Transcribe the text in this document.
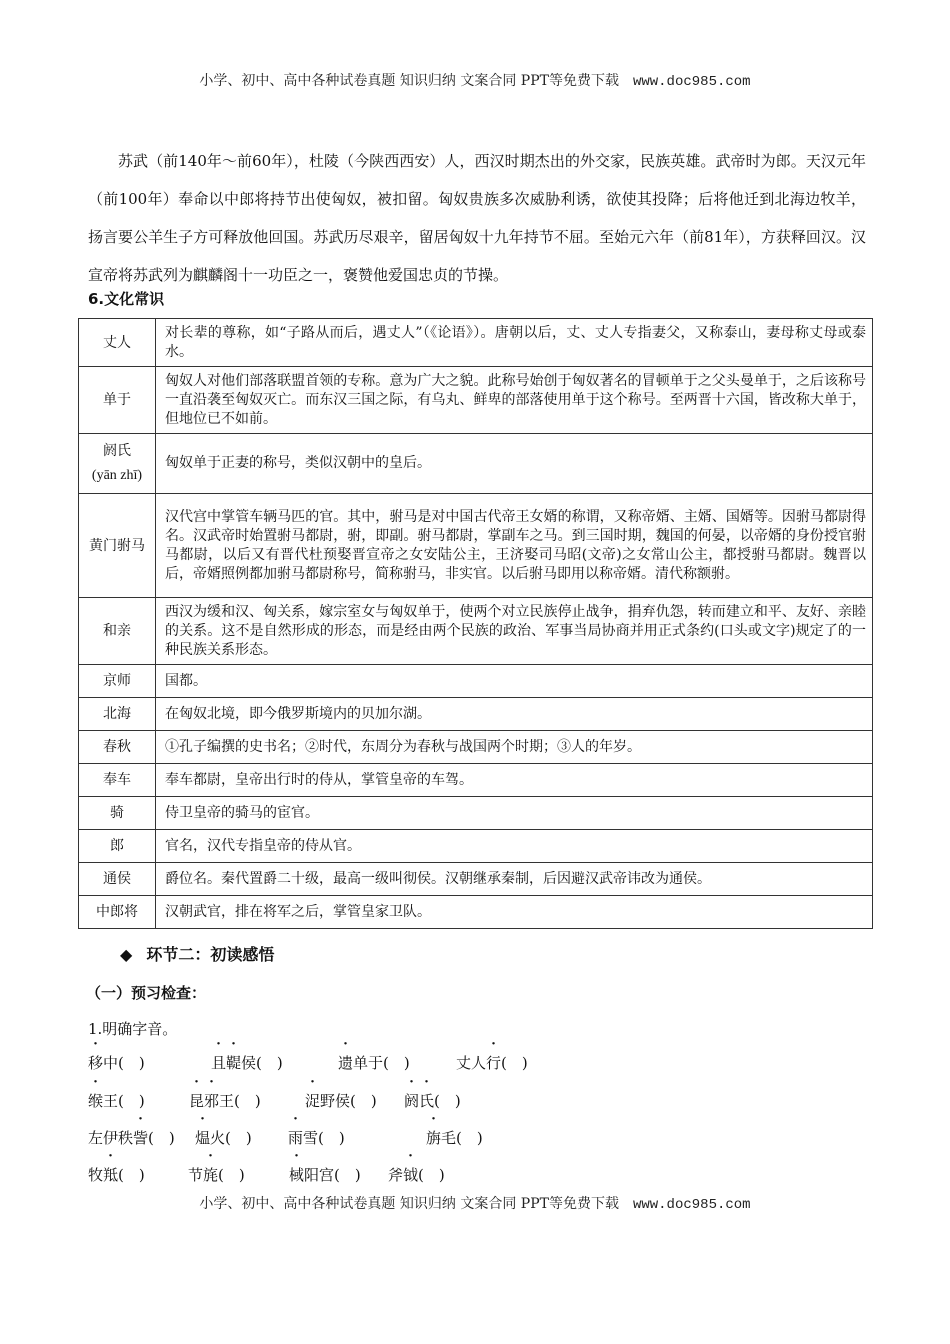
小学、初中、高中各种试卷真题 知识归纳 文案合同 PPT等免费下载 www.doc985.com
苏武（前140年～前60年），杜陵（今陕西西安）人，西汉时期杰出的外交家，民族英雄。武帝时为郎。天汉元年（前100年）奉命以中郎将持节出使匈奴，被扣留。匈奴贵族多次威胁利诱，欲使其投降；后将他迁到北海边牧羊，扬言要公羊生子方可释放他回国。苏武历尽艰辛，留居匈奴十九年持节不屈。至始元六年（前81年），方获释回汉。汉宣帝将苏武列为麒麟阁十一功臣之一，褒赞他爱国忠贞的节操。
6.文化常识
丈人	对长辈的尊称，如“子路从而后，遇丈人”（《论语》）。唐朝以后，丈、丈人专指妻父，又称泰山，妻母称丈母或泰水。
单于	匈奴人对他们部落联盟首领的专称。意为广大之貌。此称号始创于匈奴著名的冒顿单于之父头曼单于，之后该称号一直沿袭至匈奴灭亡。而东汉三国之际，有乌丸、鲜卑的部落使用单于这个称号。至两晋十六国，皆改称大单于，但地位已不如前。
阏氏
(yān zhī)	匈奴单于正妻的称号，类似汉朝中的皇后。
黄门驸马	汉代宫中掌管车辆马匹的官。其中，驸马是对中国古代帝王女婿的称谓，又称帝婿、主婿、国婿等。因驸马都尉得名。汉武帝时始置驸马都尉，驸，即副。驸马都尉，掌副车之马。到三国时期，魏国的何晏，以帝婿的身份授官驸马都尉，以后又有晋代杜预娶晋宣帝之女安陆公主，王济娶司马昭(文帝)之女常山公主，都授驸马都尉。魏晋以后，帝婿照例都加驸马都尉称号，简称驸马，非实官。以后驸马即用以称帝婿。清代称额驸。
和亲	西汉为缓和汉、匈关系，嫁宗室女与匈奴单于，使两个对立民族停止战争，捐弃仇怨，转而建立和平、友好、亲睦的关系。这不是自然形成的形态，而是经由两个民族的政治、军事当局协商并用正式条约(口头或文字)规定了的一种民族关系形态。
京师	国都。
北海	在匈奴北境，即今俄罗斯境内的贝加尔湖。
春秋	①孔子编撰的史书名；②时代，东周分为春秋与战国两个时期；③人的年岁。
奉车	奉车都尉，皇帝出行时的侍从，掌管皇帝的车驾。
骑	侍卫皇帝的骑马的宦官。
郎	官名，汉代专指皇帝的侍从官。
通侯	爵位名。秦代置爵二十级，最高一级叫彻侯。汉朝继承秦制，后因避汉武帝讳改为通侯。
中郎将	汉朝武官，排在将军之后，掌管皇家卫队。
◆ 环节二：初读感悟
（一）预习检查：
1.明确字音。
移中(　)	且鞮侯(　)	遗单于(　)	丈人行(　)
缑王(　)	昆邪王(　)	浞野侯(　) 阏氏(　)
左伊秩訾(　) 煴火(　) 雨雪(　)	旃毛(　)
牧羝(　)	节旄(　)	棫阳宫(　) 斧钺(　)
小学、初中、高中各种试卷真题 知识归纳 文案合同 PPT等免费下载 www.doc985.com
